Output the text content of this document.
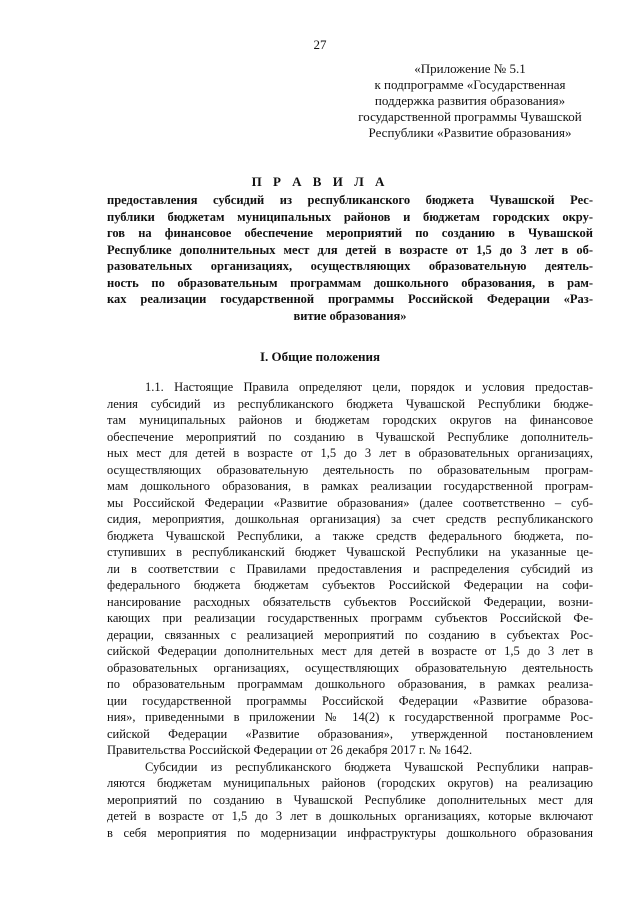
27
«Приложение № 5.1
к подпрограмме «Государственная
поддержка развития образования»
государственной программы Чувашской
Республики «Развитие образования»
П Р А В И Л А
предоставления субсидий из республиканского бюджета Чувашской Рес-
публики бюджетам муниципальных районов и бюджетам городских окру-
гов на финансовое обеспечение мероприятий по созданию в Чувашской
Республике дополнительных мест для детей в возрасте от 1,5 до 3 лет в об-
разовательных организациях, осуществляющих образовательную деятель-
ность по образовательным программам дошкольного образования, в рам-
ках реализации государственной программы Российской Федерации «Раз-
витие образования»
I. Общие положения
1.1. Настоящие Правила определяют цели, порядок и условия предостав-
ления субсидий из республиканского бюджета Чувашской Республики бюдже-
там муниципальных районов и бюджетам городских округов на финансовое
обеспечение мероприятий по созданию в Чувашской Республике дополнитель-
ных мест для детей в возрасте от 1,5 до 3 лет в образовательных организациях,
осуществляющих образовательную деятельность по образовательным програм-
мам дошкольного образования, в рамках реализации государственной програм-
мы Российской Федерации «Развитие образования» (далее соответственно – суб-
сидия, мероприятия, дошкольная организация) за счет средств республиканского
бюджета Чувашской Республики, а также средств федерального бюджета, по-
ступивших в республиканский бюджет Чувашской Республики на указанные це-
ли в соответствии с Правилами предоставления и распределения субсидий из
федерального бюджета бюджетам субъектов Российской Федерации на софи-
нансирование расходных обязательств субъектов Российской Федерации, возни-
кающих при реализации государственных программ субъектов Российской Фе-
дерации, связанных с реализацией мероприятий по созданию в субъектах Рос-
сийской Федерации дополнительных мест для детей в возрасте от 1,5 до 3 лет в
образовательных организациях, осуществляющих образовательную деятельность
по образовательным программам дошкольного образования, в рамках реализа-
ции государственной программы Российской Федерации «Развитие образова-
ния», приведенными в приложении № 14(2) к государственной программе Рос-
сийской Федерации «Развитие образования», утвержденной постановлением
Правительства Российской Федерации от 26 декабря 2017 г. № 1642.
Субсидии из республиканского бюджета Чувашской Республики направ-
ляются бюджетам муниципальных районов (городских округов) на реализацию
мероприятий по созданию в Чувашской Республике дополнительных мест для
детей в возрасте от 1,5 до 3 лет в дошкольных организациях, которые включают
в себя мероприятия по модернизации инфраструктуры дошкольного образования
